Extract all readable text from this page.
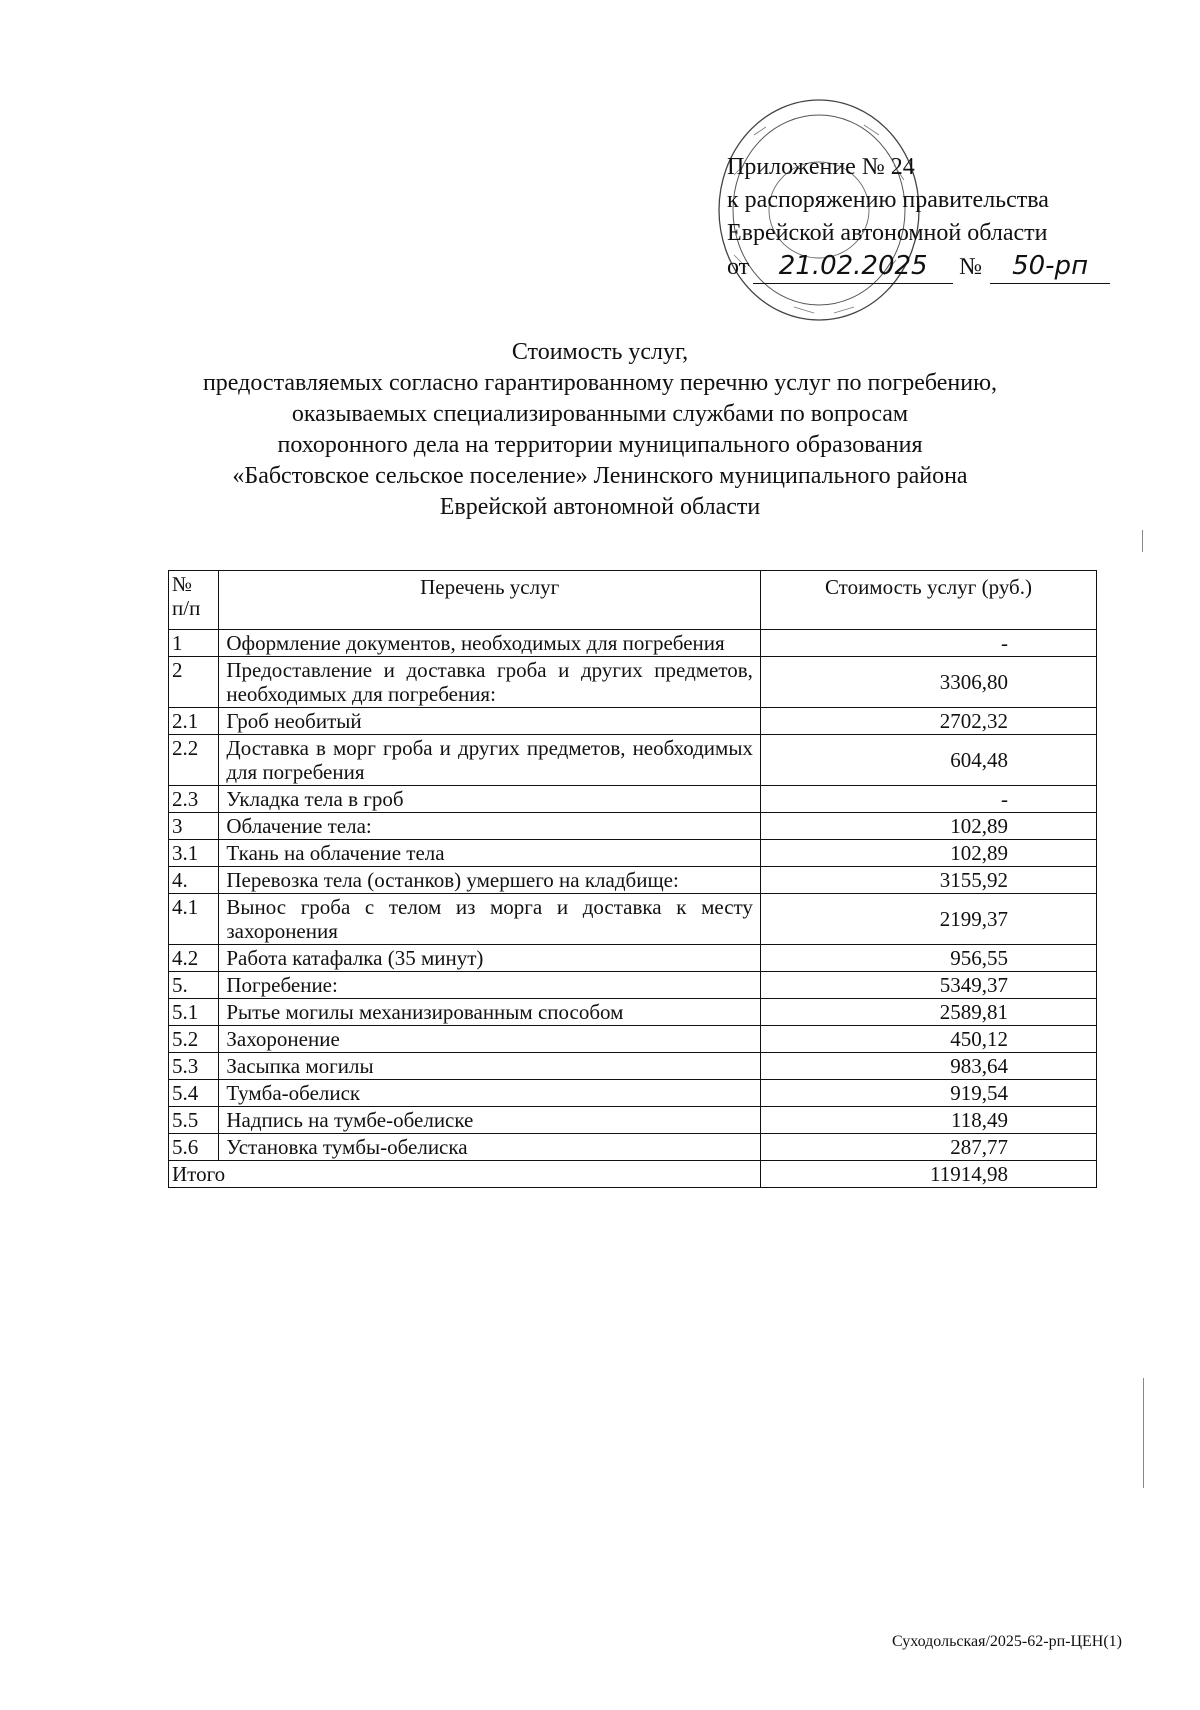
Приложение № 24
к распоряжению правительства
Еврейской автономной области
от	21.02.2025	№	50-рп
Стоимость услуг,
предоставляемых согласно гарантированному перечню услуг по погребению,
оказываемых специализированными службами по вопросам
похоронного дела на территории муниципального образования
«Бабстовское сельское поселение» Ленинского муниципального района
Еврейской автономной области
№ п/п	Перечень услуг	Стоимость услуг (руб.)
1	Оформление документов, необходимых для погребения	-
2	Предоставление и доставка гроба и других предметов, необходимых для погребения:	3306,80
2.1	Гроб необитый	2702,32
2.2	Доставка в морг гроба и других предметов, необходимых для погребения	604,48
2.3	Укладка тела в гроб	-
3	Облачение тела:	102,89
3.1	Ткань на облачение тела	102,89
4.	Перевозка тела (останков) умершего на кладбище:	3155,92
4.1	Вынос гроба с телом из морга и доставка к месту захоронения	2199,37
4.2	Работа катафалка (35 минут)	956,55
5.	Погребение:	5349,37
5.1	Рытье могилы механизированным способом	2589,81
5.2	Захоронение	450,12
5.3	Засыпка могилы	983,64
5.4	Тумба-обелиск	919,54
5.5	Надпись на тумбе-обелиске	118,49
5.6	Установка тумбы-обелиска	287,77
Итого		11914,98
Суходольская/2025-62-рп-ЦЕН(1)
